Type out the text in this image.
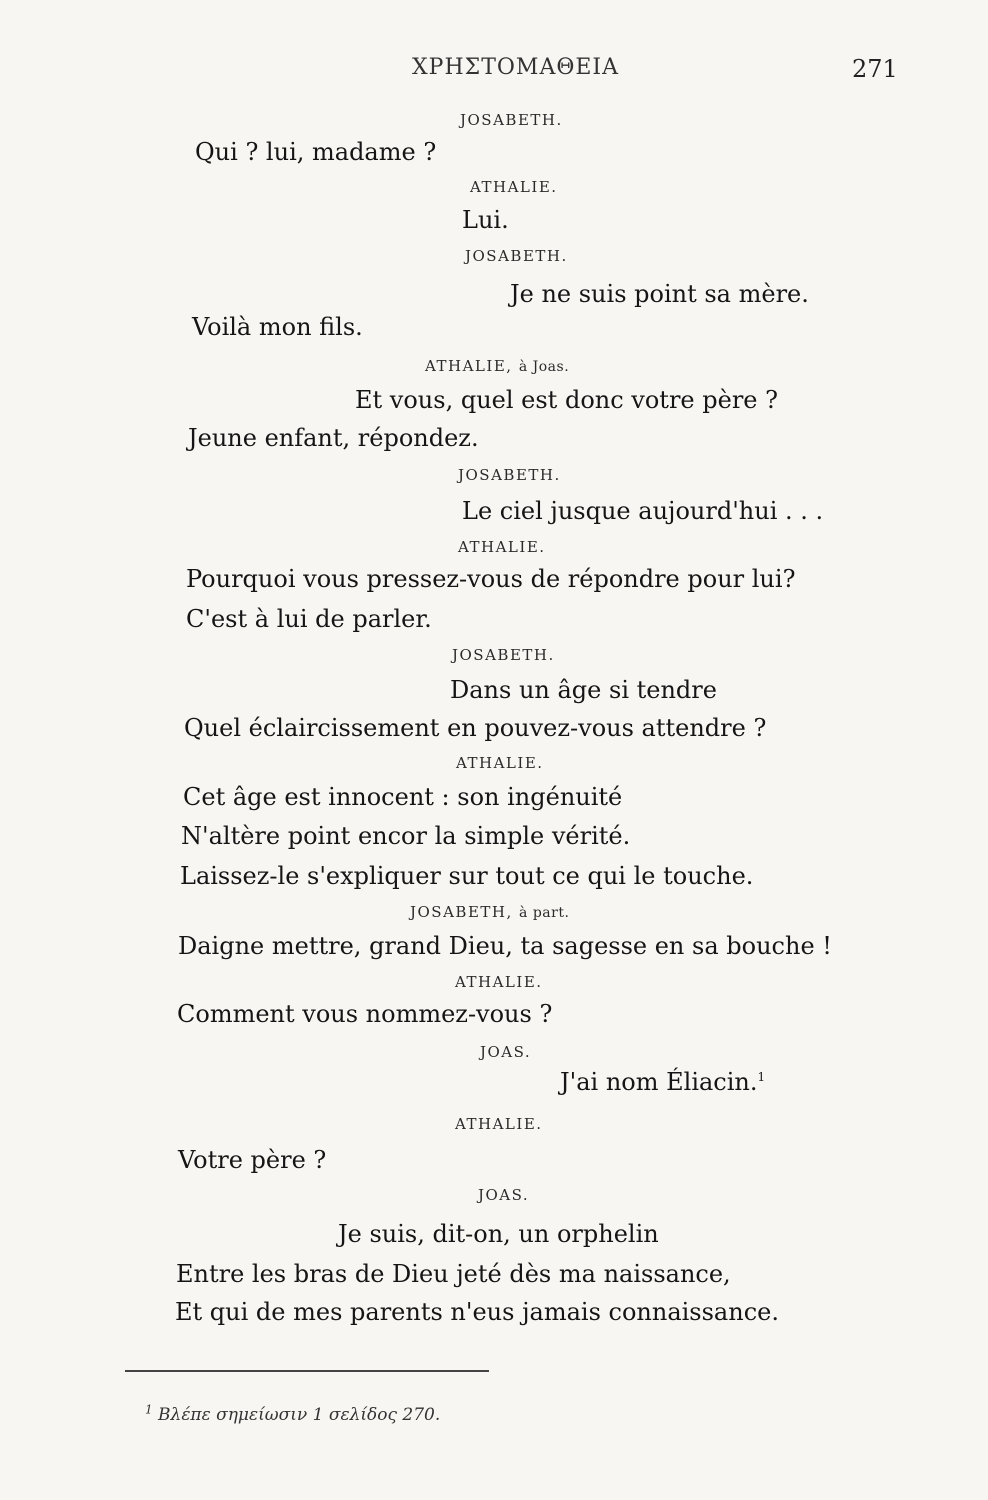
ΧΡΗΣΤΟΜΑΘΕΙΑ	271
JOSABETH.
Qui ? lui, madame ?
ATHALIE.
Lui.
JOSABETH.
Je ne suis point sa mère.
Voilà mon fils.
ATHALIE, à Joas.
Et vous, quel est donc votre père ?
Jeune enfant, répondez.
JOSABETH.
Le ciel jusque aujourd'hui . . .
ATHALIE.
Pourquoi vous pressez-vous de répondre pour lui?
C'est à lui de parler.
JOSABETH.
Dans un âge si tendre
Quel éclaircissement en pouvez-vous attendre ?
ATHALIE.
Cet âge est innocent : son ingénuité
N'altère point encor la simple vérité.
Laissez-le s'expliquer sur tout ce qui le touche.
JOSABETH, à part.
Daigne mettre, grand Dieu, ta sagesse en sa bouche !
ATHALIE.
Comment vous nommez-vous ?
JOAS.
J'ai nom Éliacin.$^1$
ATHALIE.
Votre père ?
JOAS.
Je suis, dit-on, un orphelin
Entre les bras de Dieu jeté dès ma naissance,
Et qui de mes parents n'eus jamais connaissance.
$^1$ Βλέπε σημείωσιν 1 σελίδος 270.
